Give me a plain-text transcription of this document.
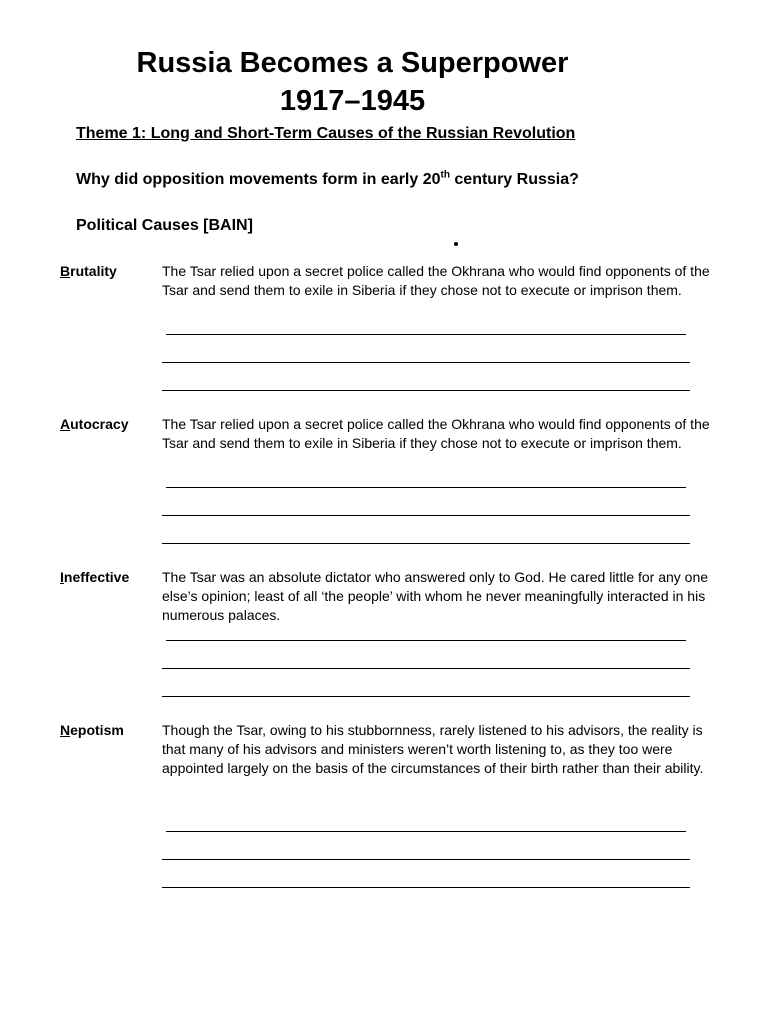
Russia Becomes a Superpower
1917–1945

Theme 1: Long and Short-Term Causes of the Russian Revolution

Why did opposition movements form in early 20th century Russia?

Political Causes [BAIN]

Brutality	The Tsar relied upon a secret police called the Okhrana who would find opponents of the Tsar and send them to exile in Siberia if they chose not to execute or imprison them.
Autocracy The Tsar relied upon a secret police called the Okhrana who would find opponents of the Tsar and send them to exile in Siberia if they chose not to execute or imprison them.
Ineffective The Tsar was an absolute dictator who answered only to God. He cared little for any one else’s opinion; least of all ‘the people’ with whom he never meaningfully interacted in his numerous palaces.
Nepotism	Though the Tsar, owing to his stubbornness, rarely listened to his advisors, the reality is that many of his advisors and ministers weren’t worth listening to, as they too were appointed largely on the basis of the circumstances of their birth rather than their ability.
